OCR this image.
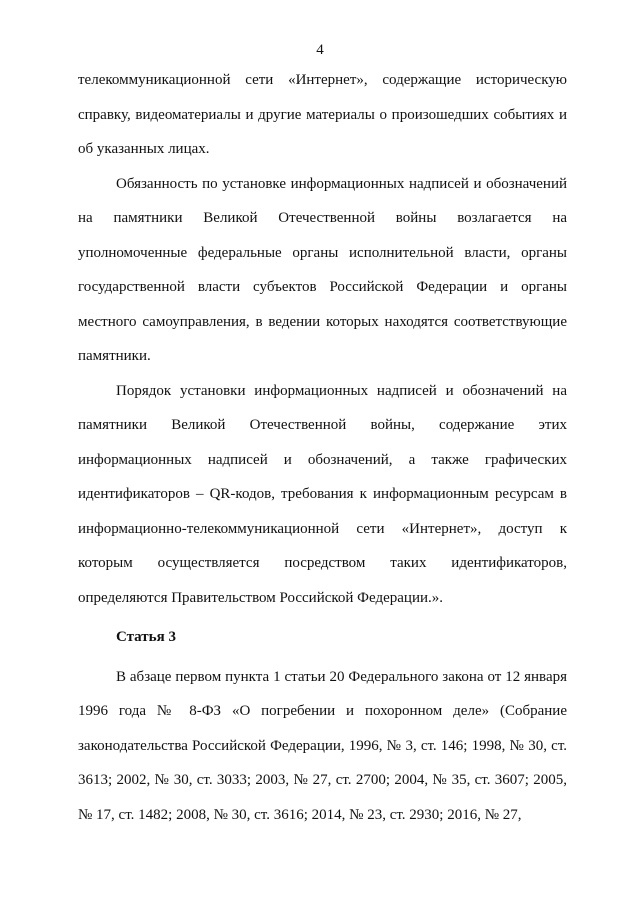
4

телекоммуникационной сети «Интернет», содержащие историческую справку, видеоматериалы и другие материалы о произошедших событиях и об указанных лицах.

Обязанность по установке информационных надписей и обозначений на памятники Великой Отечественной войны возлагается на уполномоченные федеральные органы исполнительной власти, органы государственной власти субъектов Российской Федерации и органы местного самоуправления, в ведении которых находятся соответствующие памятники.

Порядок установки информационных надписей и обозначений на памятники Великой Отечественной войны, содержание этих информационных надписей и обозначений, а также графических идентификаторов – QR-кодов, требования к информационным ресурсам в информационно-телекоммуникационной сети «Интернет», доступ к которым осуществляется посредством таких идентификаторов, определяются Правительством Российской Федерации.».

Статья 3

В абзаце первом пункта 1 статьи 20 Федерального закона от 12 января 1996 года № 8-ФЗ «О погребении и похоронном деле» (Собрание законодательства Российской Федерации, 1996, № 3, ст. 146; 1998, № 30, ст. 3613; 2002, № 30, ст. 3033; 2003, № 27, ст. 2700; 2004, № 35, ст. 3607; 2005, № 17, ст. 1482; 2008, № 30, ст. 3616; 2014, № 23, ст. 2930; 2016, № 27,
